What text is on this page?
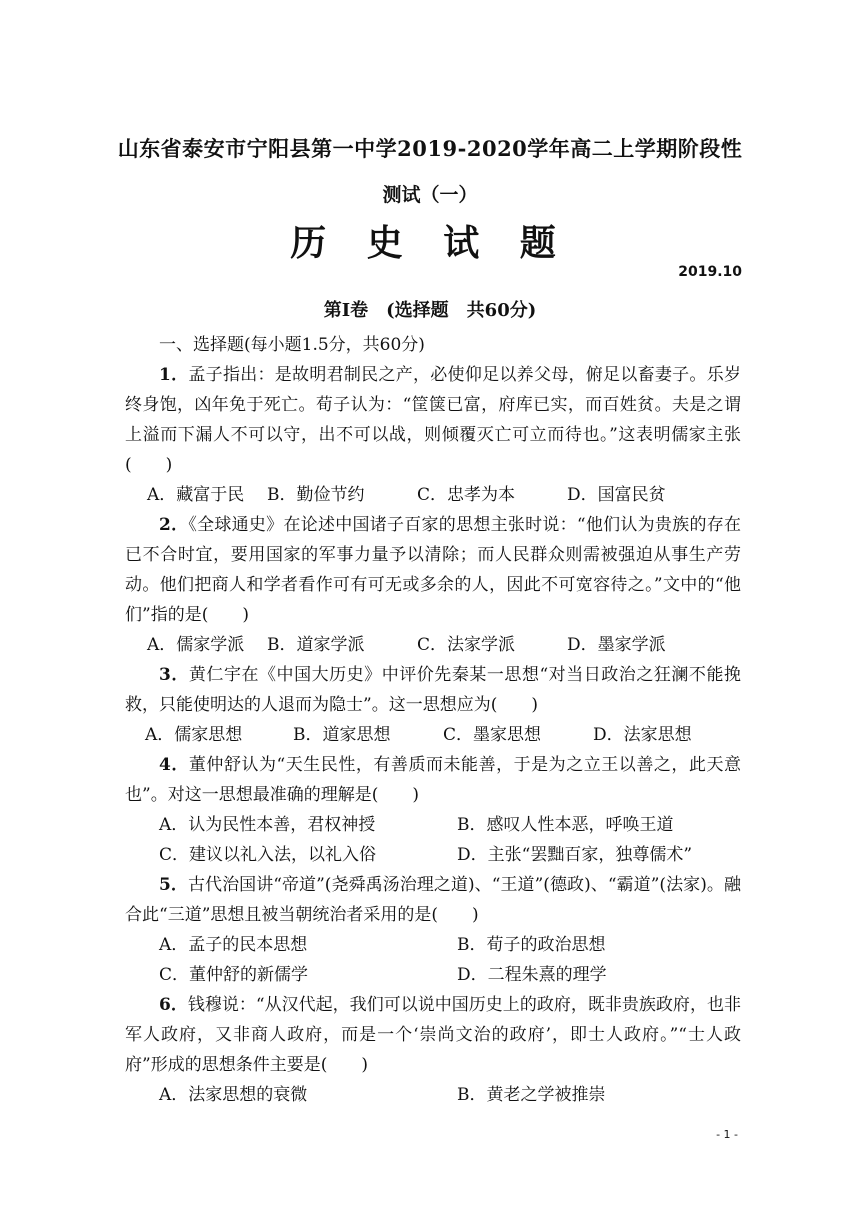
山东省泰安市宁阳县第一中学2019-2020学年高二上学期阶段性
测试（一）
历 史 试 题
2019.10
第Ⅰ卷　(选择题　共60分)

一、选择题(每小题1.5分，共60分)

1．孟子指出：是故明君制民之产，必使仰足以养父母，俯足以畜妻子。乐岁终身饱，凶年免于死亡。荀子认为：“筐箧已富，府库已实，而百姓贫。夫是之谓上溢而下漏人不可以守，出不可以战，则倾覆灭亡可立而待也。”这表明儒家主张(　　)

A．藏富于民	B．勤俭节约	C．忠孝为本	D．国富民贫

2．《全球通史》在论述中国诸子百家的思想主张时说：“他们认为贵族的存在已不合时宜，要用国家的军事力量予以清除；而人民群众则需被强迫从事生产劳动。他们把商人和学者看作可有可无或多余的人，因此不可宽容待之。”文中的“他们”指的是(　　)

A．儒家学派	B．道家学派	C．法家学派	D．墨家学派

3．黄仁宇在《中国大历史》中评价先秦某一思想“对当日政治之狂澜不能挽救，只能使明达的人退而为隐士”。这一思想应为(　　)

A．儒家思想	B．道家思想	C．墨家思想	D．法家思想

4．董仲舒认为“天生民性，有善质而未能善，于是为之立王以善之，此天意也”。对这一思想最准确的理解是(　　)

A．认为民性本善，君权神授	B．感叹人性本恶，呼唤王道
C．建议以礼入法，以礼入俗	D．主张“罢黜百家，独尊儒术”

5．古代治国讲“帝道”(尧舜禹汤治理之道)、“王道”(德政)、“霸道”(法家)。融合此“三道”思想且被当朝统治者采用的是(　　)

A．孟子的民本思想	B．荀子的政治思想
C．董仲舒的新儒学	D．二程朱熹的理学

6．钱穆说：“从汉代起，我们可以说中国历史上的政府，既非贵族政府，也非军人政府，又非商人政府，而是一个‘崇尚文治的政府’，即士人政府。”“士人政府”形成的思想条件主要是(　　)

A．法家思想的衰微	B．黄老之学被推崇
- 1 -
